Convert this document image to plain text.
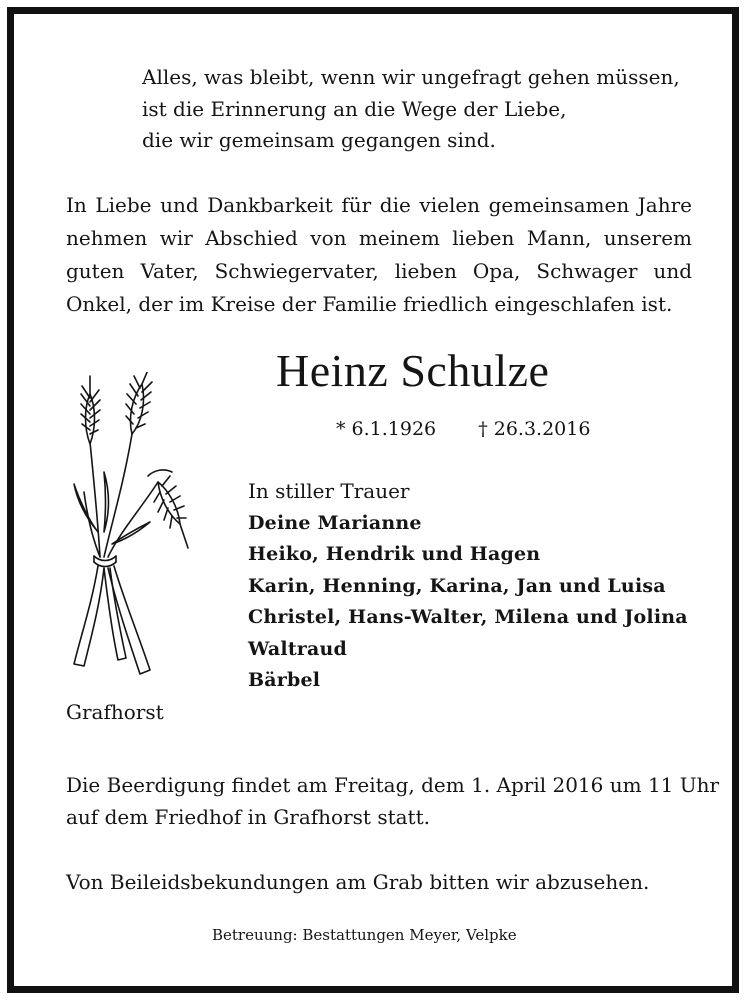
Alles, was bleibt, wenn wir ungefragt gehen müssen,
ist die Erinnerung an die Wege der Liebe,
die wir gemeinsam gegangen sind.
In Liebe und Dankbarkeit für die vielen gemeinsamen Jahre
nehmen wir Abschied von meinem lieben Mann, unserem
guten Vater, Schwiegervater, lieben Opa, Schwager und
Onkel, der im Kreise der Familie friedlich eingeschlafen ist.
Heinz Schulze
* 6.1.1926 † 26.3.2016
In stiller Trauer
Deine Marianne
Heiko, Hendrik und Hagen
Karin, Henning, Karina, Jan und Luisa
Christel, Hans-Walter, Milena und Jolina
Waltraud
Bärbel
Grafhorst
Die Beerdigung findet am Freitag, dem 1. April 2016 um 11 Uhr
auf dem Friedhof in Grafhorst statt.
Von Beileidsbekundungen am Grab bitten wir abzusehen.
Betreuung: Bestattungen Meyer, Velpke
